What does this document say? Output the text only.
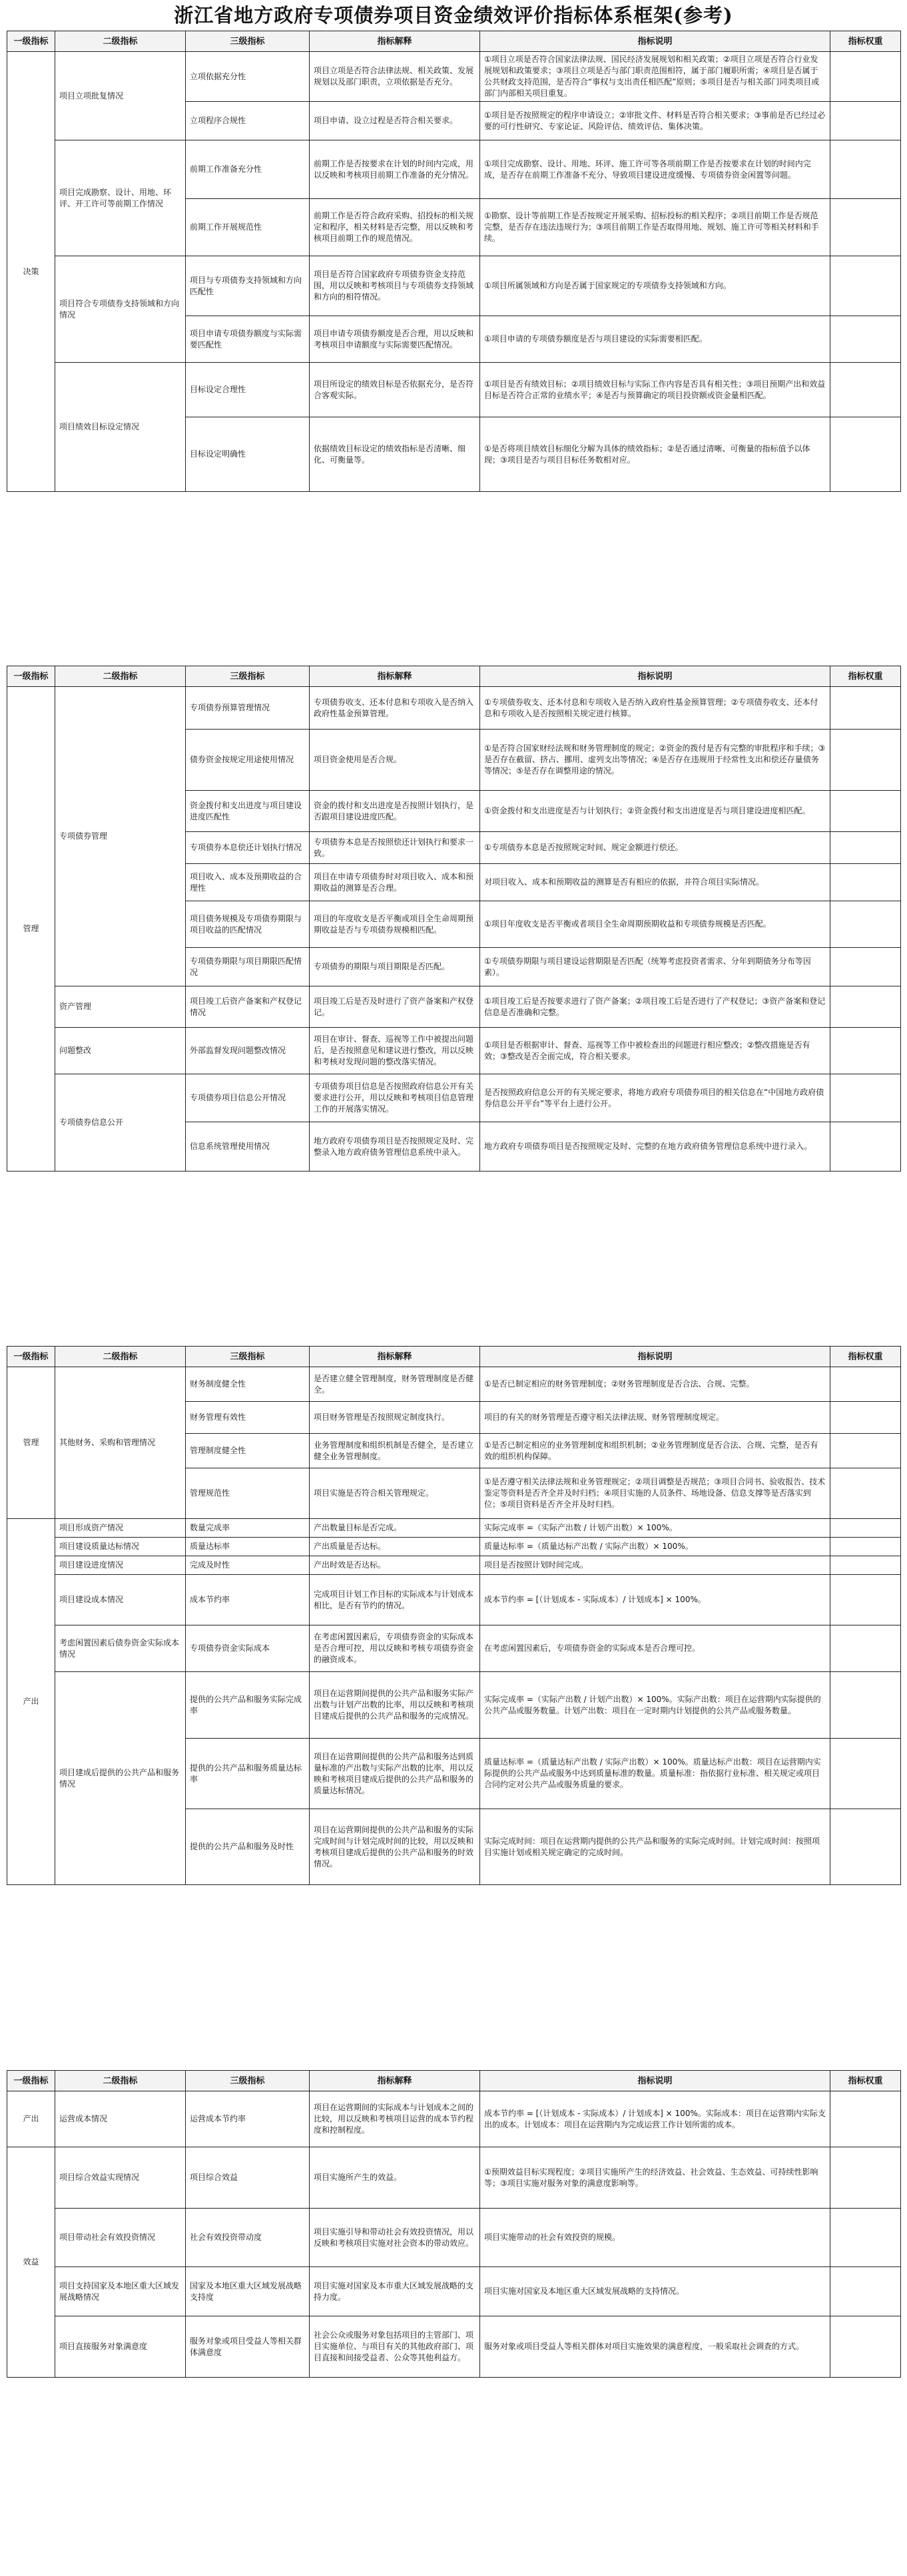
浙江省地方政府专项债券项目资金绩效评价指标体系框架(参考)
一级指标	二级指标	三级指标	指标解释	指标说明	指标权重
决策	项目立项批复情况	立项依据充分性	项目立项是否符合法律法规、相关政策、发展规划以及部门职责，立项依据是否充分。	①项目立项是否符合国家法律法规、国民经济发展规划和相关政策；②项目立项是否符合行业发展规划和政策要求；③项目立项是否与部门职责范围相符，属于部门履职所需；④项目是否属于公共财政支持范围，是否符合“事权与支出责任相匹配”原则；⑤项目是否与相关部门同类项目或部门内部相关项目重复。	
		立项程序合规性	项目申请、设立过程是否符合相关要求。	①项目是否按照规定的程序申请设立；②审批文件、材料是否符合相关要求；③事前是否已经过必要的可行性研究、专家论证、风险评估、绩效评估、集体决策。	
	项目完成勘察、设计、用地、环评、开工许可等前期工作情况	前期工作准备充分性	前期工作是否按要求在计划的时间内完成，用以反映和考核项目前期工作准备的充分情况。	①项目完成勘察、设计、用地、环评、施工许可等各项前期工作是否按要求在计划的时间内完成，是否存在前期工作准备不充分、导致项目建设进度缓慢、专项债券资金闲置等问题。	
		前期工作开展规范性	前期工作是否符合政府采购、招投标的相关规定和程序，相关材料是否完整，用以反映和考核项目前期工作的规范情况。	①勘察、设计等前期工作是否按规定开展采购、招标投标的相关程序；②项目前期工作是否规范完整，是否存在违法违规行为；③项目前期工作是否取得用地、规划、施工许可等相关材料和手续。	
	项目符合专项债券支持领域和方向情况	项目与专项债券支持领域和方向匹配性	项目是否符合国家政府专项债券资金支持范围，用以反映和考核项目与专项债券支持领域和方向的相符情况。	①项目所属领域和方向是否属于国家规定的专项债券支持领域和方向。	
		项目申请专项债券额度与实际需要匹配性	项目申请专项债券额度是否合理，用以反映和考核项目申请额度与实际需要匹配情况。	①项目申请的专项债券额度是否与项目建设的实际需要相匹配。	
	项目绩效目标设定情况	目标设定合理性	项目所设定的绩效目标是否依据充分，是否符合客观实际。	①项目是否有绩效目标；②项目绩效目标与实际工作内容是否具有相关性；③项目预期产出和效益目标是否符合正常的业绩水平；④是否与预算确定的项目投资额或资金量相匹配。	
		目标设定明确性	依据绩效目标设定的绩效指标是否清晰、细化、可衡量等。	①是否将项目绩效目标细化分解为具体的绩效指标；②是否通过清晰、可衡量的指标值予以体现；③项目是否与项目目标任务数相对应。	
一级指标	二级指标	三级指标	指标解释	指标说明	指标权重
管理	专项债券管理	专项债券预算管理情况	专项债券收支、还本付息和专项收入是否纳入政府性基金预算管理。	①专项债券收支、还本付息和专项收入是否纳入政府性基金预算管理；②专项债券收支、还本付息和专项收入是否按照相关规定进行核算。	
		债券资金按规定用途使用情况	项目资金使用是否合规。	①是否符合国家财经法规和财务管理制度的规定；②资金的拨付是否有完整的审批程序和手续；③是否存在截留、挤占、挪用、虚列支出等情况；④是否存在违规用于经常性支出和偿还存量债务等情况；⑤是否存在调整用途的情况。	
		资金拨付和支出进度与项目建设进度匹配性	资金的拨付和支出进度是否按照计划执行，是否跟项目建设进度匹配。	①资金拨付和支出进度是否与计划执行；②资金拨付和支出进度是否与项目建设进度相匹配。	
		专项债券本息偿还计划执行情况	专项债券本息是否按照偿还计划执行和要求一致。	①专项债券本息是否按照规定时间、规定金额进行偿还。	
		项目收入、成本及预期收益的合理性	项目在申请专项债券时对项目收入、成本和预期收益的测算是否合理。	对项目收入、成本和预期收益的测算是否有相应的依据，并符合项目实际情况。	
		项目债务规模及专项债券期限与项目收益的匹配情况	项目的年度收支是否平衡或项目全生命周期预期收益是否与专项债券规模相匹配。	①项目年度收支是否平衡或者项目全生命周期预期收益和专项债券规模是否匹配。	
		专项债券期限与项目期限匹配情况	专项债券的期限与项目期限是否匹配。	①专项债券期限与项目建设运营期限是否匹配（统筹考虑投资者需求、分年到期债务分布等因素）。	
	资产管理	项目竣工后资产备案和产权登记情况	项目竣工后是否及时进行了资产备案和产权登记。	①项目竣工后是否按要求进行了资产备案；②项目竣工后是否进行了产权登记；③资产备案和登记信息是否准确和完整。	
	问题整改	外部监督发现问题整改情况	项目在审计、督查、巡视等工作中被提出问题后，是否按照意见和建议进行整改，用以反映和考核对发现问题的整改落实情况。	①项目是否根据审计、督查、巡视等工作中被检查出的问题进行相应整改；②整改措施是否有效；③整改是否全面完成，符合相关要求。	
	专项债券信息公开	专项债券项目信息公开情况	专项债券项目信息是否按照政府信息公开有关要求进行公开，用以反映和考核项目信息管理工作的开展落实情况。	是否按照政府信息公开的有关规定要求，将地方政府专项债券项目的相关信息在“中国地方政府债券信息公开平台”等平台上进行公开。	
		信息系统管理使用情况	地方政府专项债券项目是否按照规定及时、完整录入地方政府债务管理信息系统中录入。	地方政府专项债券项目是否按照规定及时、完整的在地方政府债务管理信息系统中进行录入。	
一级指标	二级指标	三级指标	指标解释	指标说明	指标权重
管理	其他财务、采购和管理情况	财务制度健全性	是否建立健全管理制度，财务管理制度是否健全。	①是否已制定相应的财务管理制度；②财务管理制度是否合法、合规、完整。	
		财务管理有效性	项目财务管理是否按照规定制度执行。	项目的有关的财务管理是否遵守相关法律法规、财务管理制度规定。	
		管理制度健全性	业务管理制度和组织机制是否健全，是否建立健全业务管理制度。	①是否已制定相应的业务管理制度和组织机制；②业务管理制度是否合法、合规、完整，是否有效的组织机构保障。	
		管理规范性	项目实施是否符合相关管理规定。	①是否遵守相关法律法规和业务管理规定；②项目调整是否规范；③项目合同书、验收报告、技术鉴定等资料是否齐全并及时归档；④项目实施的人员条件、场地设备、信息支撑等是否落实到位；⑤项目资料是否齐全并及时归档。	
产出	项目形成资产情况	数量完成率	产出数量目标是否完成。	实际完成率 =（实际产出数 / 计划产出数）× 100%。	
	项目建设质量达标情况	质量达标率	产出质量是否达标。	质量达标率 =（质量达标产出数 / 实际产出数）× 100%。	
	项目建设进度情况	完成及时性	产出时效是否达标。	项目是否按照计划时间完成。	
	项目建设成本情况	成本节约率	完成项目计划工作目标的实际成本与计划成本相比，是否有节约的情况。	成本节约率 = [（计划成本 - 实际成本）/ 计划成本] × 100%。	
	考虑闲置因素后债券资金实际成本情况	专项债券资金实际成本	在考虑闲置因素后，专项债券资金的实际成本是否合理可控，用以反映和考核专项债券资金的融资成本。	在考虑闲置因素后，专项债券资金的实际成本是否合理可控。	
	项目建成后提供的公共产品和服务情况	提供的公共产品和服务实际完成率	项目在运营期间提供的公共产品和服务实际产出数与计划产出数的比率，用以反映和考核项目建成后提供的公共产品和服务的完成情况。	实际完成率 =（实际产出数 / 计划产出数）× 100%。实际产出数：项目在运营期内实际提供的公共产品或服务数量。计划产出数：项目在一定时期内计划提供的公共产品或服务数量。	
		提供的公共产品和服务质量达标率	项目在运营期间提供的公共产品和服务达到质量标准的产出数与实际产出数的比率，用以反映和考核项目建成后提供的公共产品和服务的质量达标情况。	质量达标率 =（质量达标产出数 / 实际产出数）× 100%。质量达标产出数：项目在运营期内实际提供的公共产品或服务中达到质量标准的数量。质量标准：指依据行业标准、相关规定或项目合同约定对公共产品或服务质量的要求。	
		提供的公共产品和服务及时性	项目在运营期间提供的公共产品和服务的实际完成时间与计划完成时间的比较，用以反映和考核项目建成后提供的公共产品和服务的时效情况。	实际完成时间：项目在运营期内提供的公共产品和服务的实际完成时间。计划完成时间：按照项目实施计划或相关规定确定的完成时间。	
一级指标	二级指标	三级指标	指标解释	指标说明	指标权重
产出	运营成本情况	运营成本节约率	项目在运营期间的实际成本与计划成本之间的比较，用以反映和考核项目运营的成本节约程度和控制程度。	成本节约率 = [（计划成本 - 实际成本）/ 计划成本] × 100%。实际成本：项目在运营期内实际支出的成本。计划成本：项目在运营期内为完成运营工作计划所需的成本。	
效益	项目综合效益实现情况	项目综合效益	项目实施所产生的效益。	①预期效益目标实现程度；②项目实施所产生的经济效益、社会效益、生态效益、可持续性影响等；③项目实施对服务对象的满意度影响等。	
	项目带动社会有效投资情况	社会有效投资带动度	项目实施引导和带动社会有效投资情况，用以反映和考核项目实施对社会资本的带动效应。	项目实施带动的社会有效投资的规模。	
	项目支持国家及本地区重大区域发展战略情况	国家及本地区重大区域发展战略支持度	项目实施对国家及本市重大区域发展战略的支持力度。	项目实施对国家及本地区重大区域发展战略的支持情况。	
	项目直接服务对象满意度	服务对象或项目受益人等相关群体满意度	社会公众或服务对象包括项目的主管部门、项目实施单位、与项目有关的其他政府部门、项目直接和间接受益者、公众等其他利益方。	服务对象或项目受益人等相关群体对项目实施效果的满意程度，一般采取社会调查的方式。	
